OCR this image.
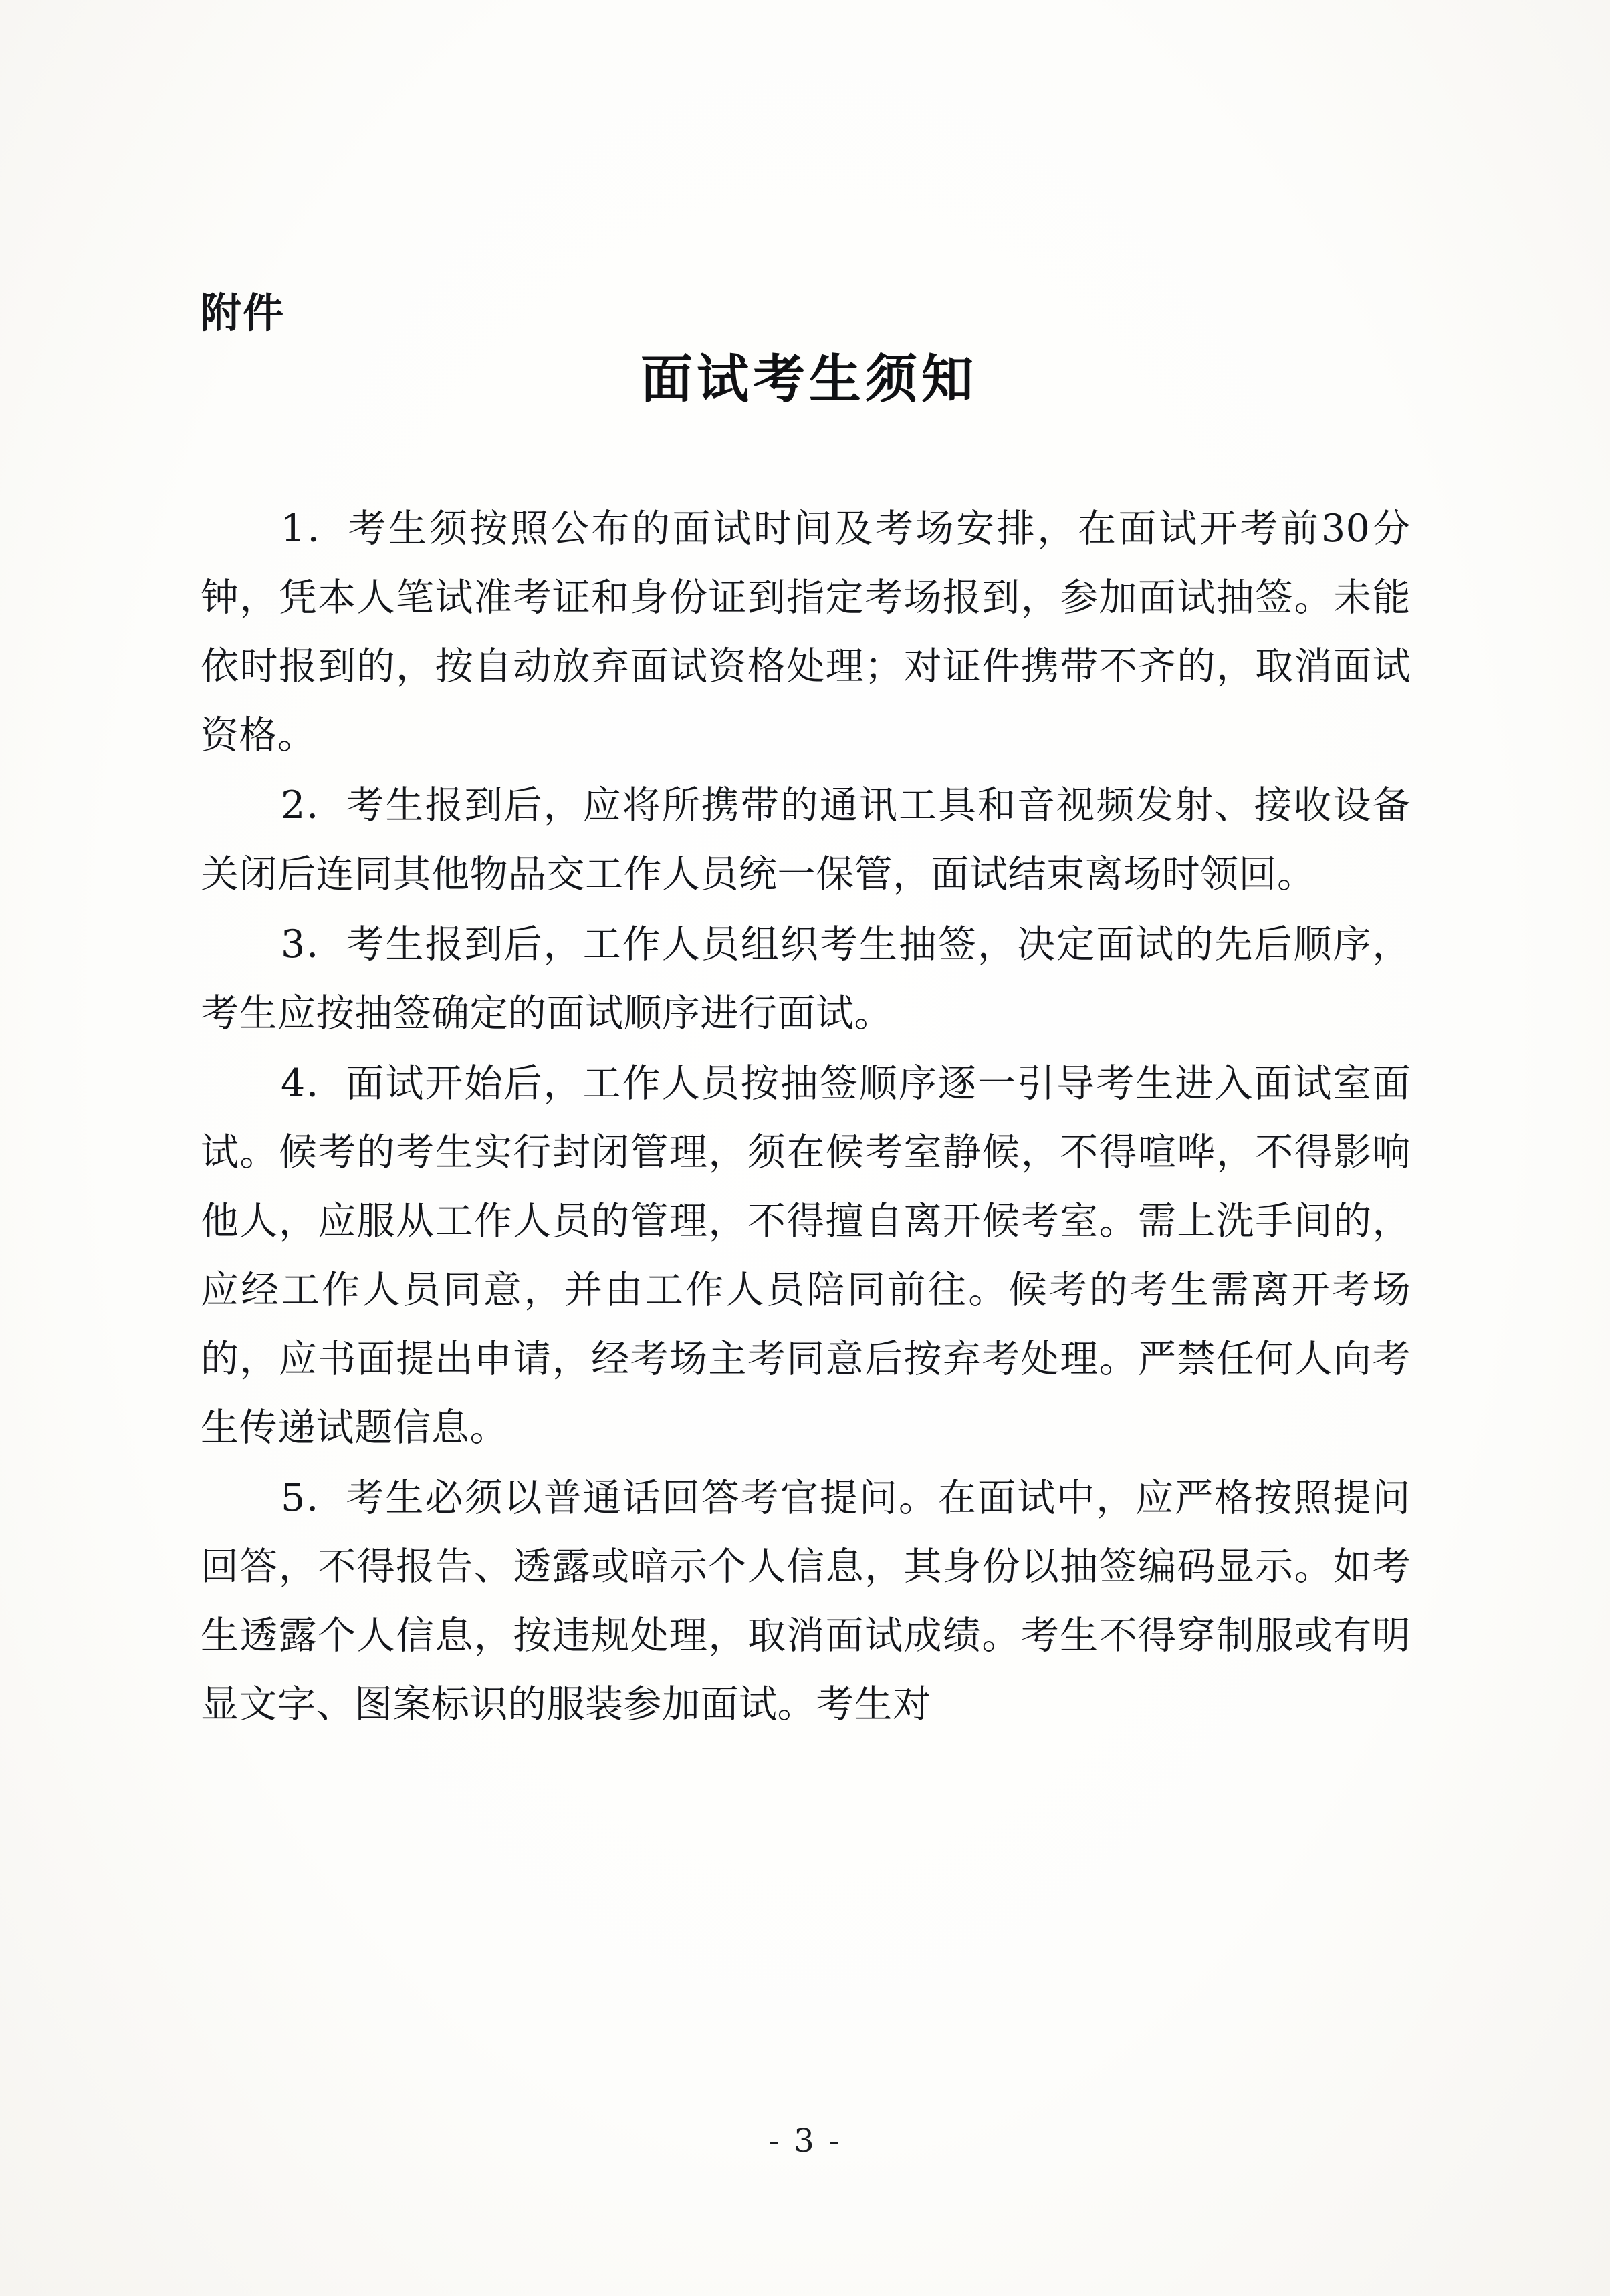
附件
面试考生须知

1．考生须按照公布的面试时间及考场安排，在面试开考前30分钟，凭本人笔试准考证和身份证到指定考场报到，参加面试抽签。未能依时报到的，按自动放弃面试资格处理；对证件携带不齐的，取消面试资格。

2．考生报到后，应将所携带的通讯工具和音视频发射、接收设备关闭后连同其他物品交工作人员统一保管，面试结束离场时领回。

3．考生报到后，工作人员组织考生抽签，决定面试的先后顺序，考生应按抽签确定的面试顺序进行面试。

4．面试开始后，工作人员按抽签顺序逐一引导考生进入面试室面试。候考的考生实行封闭管理，须在候考室静候，不得喧哗，不得影响他人，应服从工作人员的管理，不得擅自离开候考室。需上洗手间的，应经工作人员同意，并由工作人员陪同前往。候考的考生需离开考场的，应书面提出申请，经考场主考同意后按弃考处理。严禁任何人向考生传递试题信息。

5．考生必须以普通话回答考官提问。在面试中，应严格按照提问回答，不得报告、透露或暗示个人信息，其身份以抽签编码显示。如考生透露个人信息，按违规处理，取消面试成绩。考生不得穿制服或有明显文字、图案标识的服装参加面试。考生对

- 3 -
